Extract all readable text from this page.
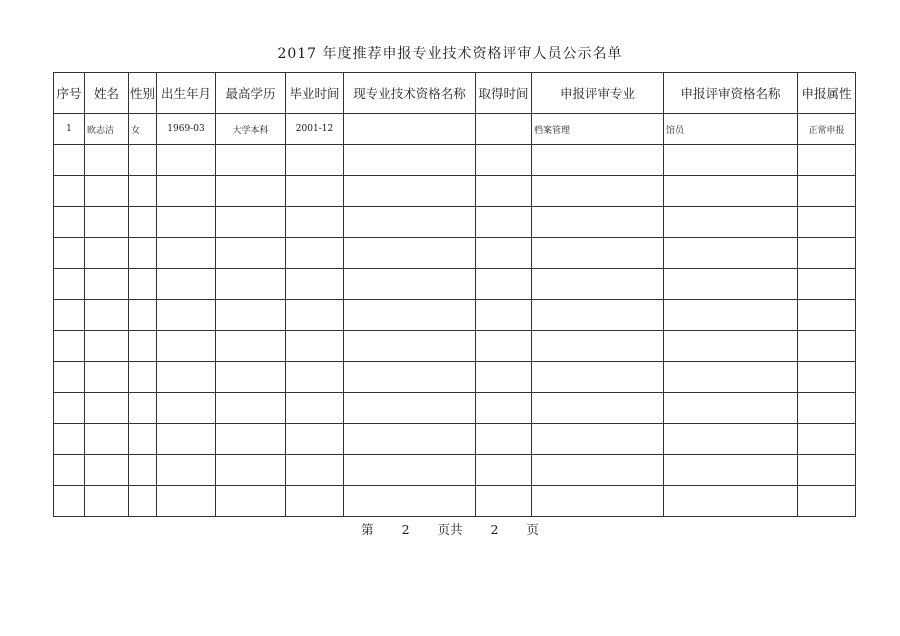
2017 年度推荐申报专业技术资格评审人员公示名单
序号	姓名	性别	出生年月	最高学历	毕业时间	现专业技术资格名称	取得时间	申报评审专业	申报评审资格名称	申报属性
1	欧志洁	女	1969-03	大学本科	2001-12			档案管理	馆员	正常申报

第 2 页共 2 页
